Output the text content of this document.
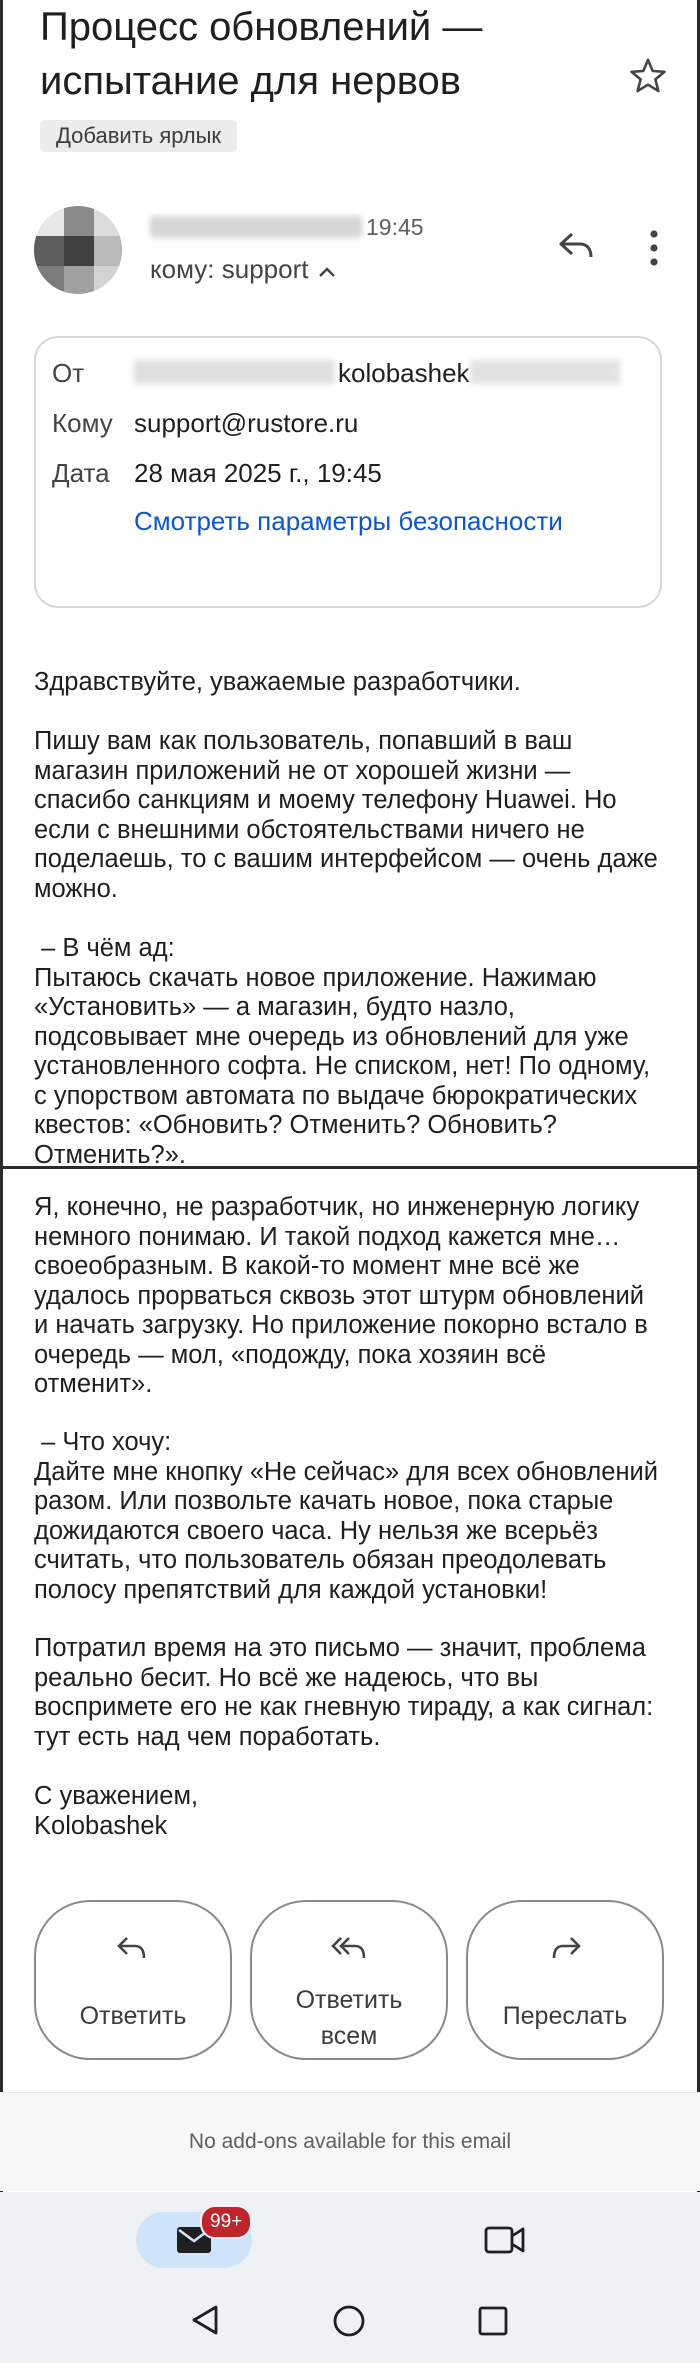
Процесс обновлений — испытание для нервов
Добавить ярлык
19:45
кому: support
От	kolobashek
Кому support@rustore.ru
Дата 28 мая 2025 г., 19:45
Смотреть параметры безопасности

Здравствуйте, уважаемые разработчики.

Пишу вам как пользователь, попавший в ваш
магазин приложений не от хорошей жизни —
спасибо санкциям и моему телефону Huawei. Но
если с внешними обстоятельствами ничего не
поделаешь, то с вашим интерфейсом — очень даже
можно.

– В чём ад:
Пытаюсь скачать новое приложение. Нажимаю
«Установить» — а магазин, будто назло,
подсовывает мне очередь из обновлений для уже
установленного софта. Не списком, нет! По одному,
с упорством автомата по выдаче бюрократических
квестов: «Обновить? Отменить? Обновить?
Отменить?».

Я, конечно, не разработчик, но инженерную логику
немного понимаю. И такой подход кажется мне…
своеобразным. В какой-то момент мне всё же
удалось прорваться сквозь этот штурм обновлений
и начать загрузку. Но приложение покорно встало в
очередь — мол, «подожду, пока хозяин всё
отменит».

– Что хочу:
Дайте мне кнопку «Не сейчас» для всех обновлений
разом. Или позвольте качать новое, пока старые
дожидаются своего часа. Ну нельзя же всерьёз
считать, что пользователь обязан преодолевать
полосу препятствий для каждой установки!

Потратил время на это письмо — значит, проблема
реально бесит. Но всё же надеюсь, что вы
воспримете его не как гневную тираду, а как сигнал:
тут есть над чем поработать.

С уважением,
Kolobashek

Ответить
Ответить
всем
Переслать
No add-ons available for this email
99+
